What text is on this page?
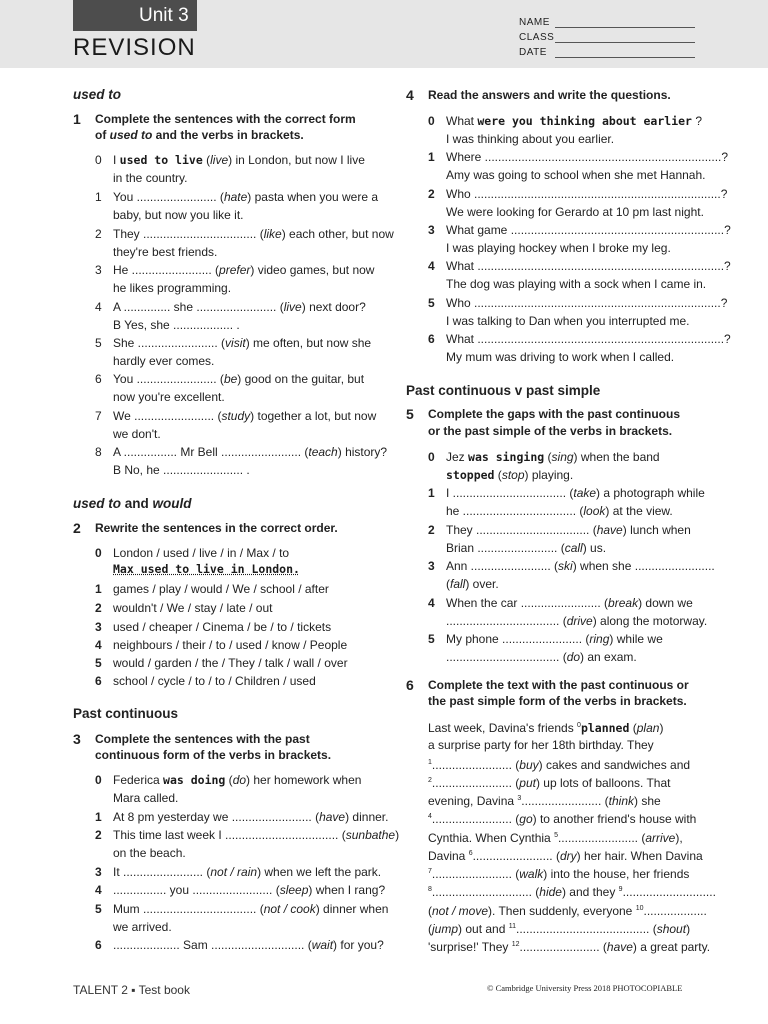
Unit 3
REVISION
NAME
CLASS
DATE
used to
1 Complete the sentences with the correct form
of used to and the verbs in brackets.
0 I used to live (live) in London, but now I live
in the country.
1 You ........................ (hate) pasta when you were a
baby, but now you like it.
2 They .................................. (like) each other, but now
they're best friends.
3 He ........................ (prefer) video games, but now
he likes programming.
4 A .............. she ........................ (live) next door?
B Yes, she .................. .
5 She ........................ (visit) me often, but now she
hardly ever comes.
6 You ........................ (be) good on the guitar, but
now you're excellent.
7 We ........................ (study) together a lot, but now
we don't.
8 A ................ Mr Bell ........................ (teach) history?
B No, he ........................ .
used to and would
2 Rewrite the sentences in the correct order.
0 London / used / live / in / Max / to
Max used to live in London.
1 games / play / would / We / school / after
2 wouldn't / We / stay / late / out
3 used / cheaper / Cinema / be / to / tickets
4 neighbours / their / to / used / know / People
5 would / garden / the / They / talk / wall / over
6 school / cycle / to / to / Children / used
Past continuous
3 Complete the sentences with the past
continuous form of the verbs in brackets.
0 Federica was doing (do) her homework when
Mara called.
1 At 8 pm yesterday we ........................ (have) dinner.
2 This time last week I .................................. (sunbathe)
on the beach.
3 It ........................ (not / rain) when we left the park.
4 ................ you ........................ (sleep) when I rang?
5 Mum .................................. (not / cook) dinner when
we arrived.
6 .................... Sam ............................ (wait) for you?
4 Read the answers and write the questions.
0 What were you thinking about earlier ?
I was thinking about you earlier.
1 Where .......................................................................?
Amy was going to school when she met Hannah.
2 Who ..........................................................................?
We were looking for Gerardo at 10 pm last night.
3 What game ................................................................?
I was playing hockey when I broke my leg.
4 What ..........................................................................?
The dog was playing with a sock when I came in.
5 Who ..........................................................................?
I was talking to Dan when you interrupted me.
6 What ..........................................................................?
My mum was driving to work when I called.
Past continuous v past simple
5 Complete the gaps with the past continuous
or the past simple of the verbs in brackets.
0 Jez was singing (sing) when the band
stopped (stop) playing.
1 I .................................. (take) a photograph while
he .................................. (look) at the view.
2 They .................................. (have) lunch when
Brian ........................ (call) us.
3 Ann ........................ (ski) when she ........................
(fall) over.
4 When the car ........................ (break) down we
.................................. (drive) along the motorway.
5 My phone ........................ (ring) while we
.................................. (do) an exam.
6 Complete the text with the past continuous or
the past simple form of the verbs in brackets.
Last week, Davina's friends $^0$planned (plan)
a surprise party for her 18th birthday. They
$^1$........................ (buy) cakes and sandwiches and
$^2$........................ (put) up lots of balloons. That
evening, Davina $^3$........................ (think) she
$^4$........................ (go) to another friend's house with
Cynthia. When Cynthia $^5$........................ (arrive),
Davina $^6$........................ (dry) her hair. When Davina
$^7$........................ (walk) into the house, her friends
$^8$.............................. (hide) and they $^9$............................
(not / move). Then suddenly, everyone $^{10}$...................
(jump) out and $^{11}$........................................ (shout)
'surprise!' They $^{12}$........................ (have) a great party.
TALENT 2 ▪ Test book	© Cambridge University Press 2018 PHOTOCOPIABLE
